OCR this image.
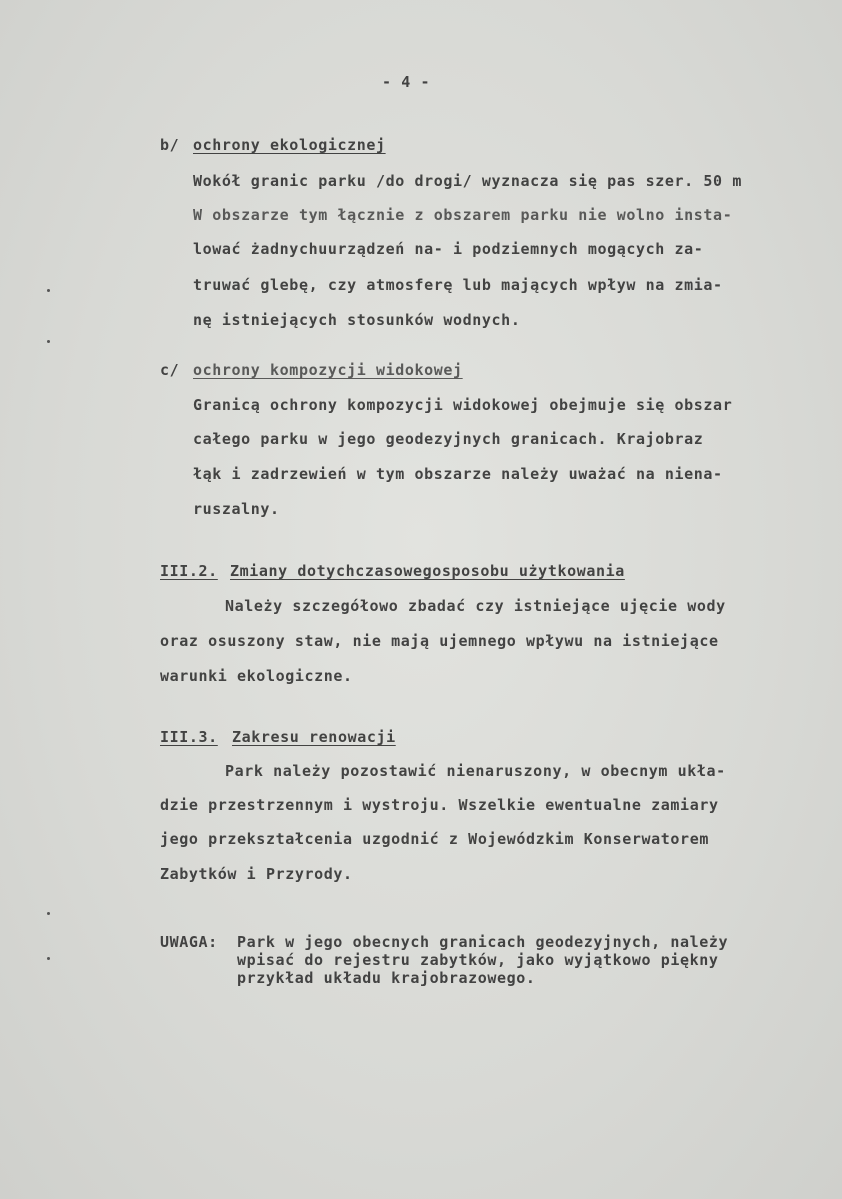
- 4 -
b/ ochrony ekologicznej
Wokół granic parku /do drogi/ wyznacza się pas szer. 50 m
W obszarze tym łącznie z obszarem parku nie wolno insta-
lować żadnychuurządzeń na- i podziemnych mogących za-
truwać glebę, czy atmosferę lub mających wpływ na zmia-
nę istniejących stosunków wodnych.
c/ ochrony kompozycji widokowej
Granicą ochrony kompozycji widokowej obejmuje się obszar
całego parku w jego geodezyjnych granicach. Krajobraz
łąk i zadrzewień w tym obszarze należy uważać na niena-
ruszalny.
III.2. Zmiany dotychczasowegosposobu użytkowania
Należy szczegółowo zbadać czy istniejące ujęcie wody
oraz osuszony staw, nie mają ujemnego wpływu na istniejące
warunki ekologiczne.
III.3. Zakresu renowacji
Park należy pozostawić nienaruszony, w obecnym ukła-
dzie przestrzennym i wystroju. Wszelkie ewentualne zamiary
jego przekształcenia uzgodnić z Wojewódzkim Konserwatorem
Zabytków i Przyrody.
UWAGA: Park w jego obecnych granicach geodezyjnych, należy
wpisać do rejestru zabytków, jako wyjątkowo piękny
przykład układu krajobrazowego.
